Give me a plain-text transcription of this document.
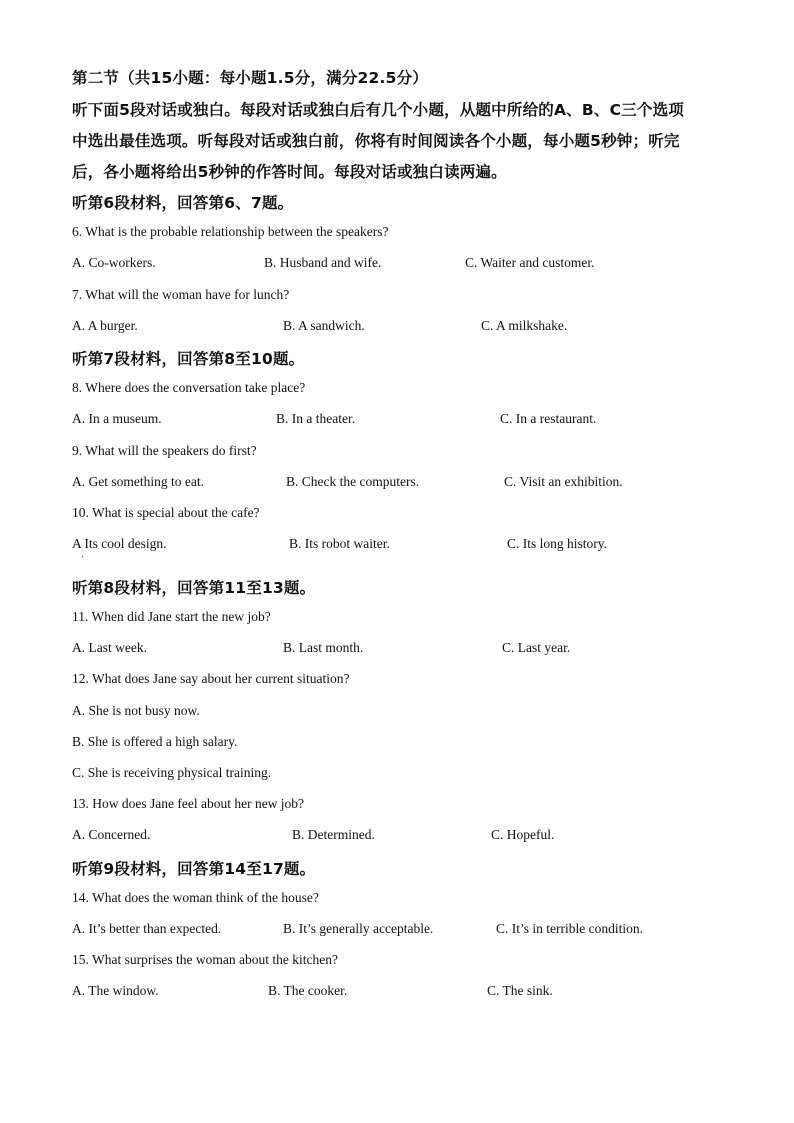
第二节（共15小题：每小题1.5分，满分22.5分）
听下面5段对话或独白。每段对话或独白后有几个小题，从题中所给的A、B、C三个选项
中选出最佳选项。听每段对话或独白前，你将有时间阅读各个小题，每小题5秒钟；听完
后，各小题将给出5秒钟的作答时间。每段对话或独白读两遍。
听第6段材料，回答第6、7题。
6. What is the probable relationship between the speakers?
A. Co-workers.	B. Husband and wife.	C. Waiter and customer.
7. What will the woman have for lunch?
A. A burger.	B. A sandwich.	C. A milkshake.
听第7段材料，回答第8至10题。
8. Where does the conversation take place?
A. In a museum.	B. In a theater.	C. In a restaurant.
9. What will the speakers do first?
A. Get something to eat.	B. Check the computers.	C. Visit an exhibition.
10. What is special about the cafe?
A Its cool design.
·
B. Its robot waiter.	C. Its long history.
听第8段材料，回答第11至13题。
11. When did Jane start the new job?
A. Last week.	B. Last month.	C. Last year.
12. What does Jane say about her current situation?
A. She is not busy now.
B. She is offered a high salary.
C. She is receiving physical training.
13. How does Jane feel about her new job?
A. Concerned.	B. Determined.	C. Hopeful.
听第9段材料，回答第14至17题。
14. What does the woman think of the house?
A. It’s better than expected.	B. It’s generally acceptable.	C. It’s in terrible condition.
15. What surprises the woman about the kitchen?
A. The window.	B. The cooker.	C. The sink.
